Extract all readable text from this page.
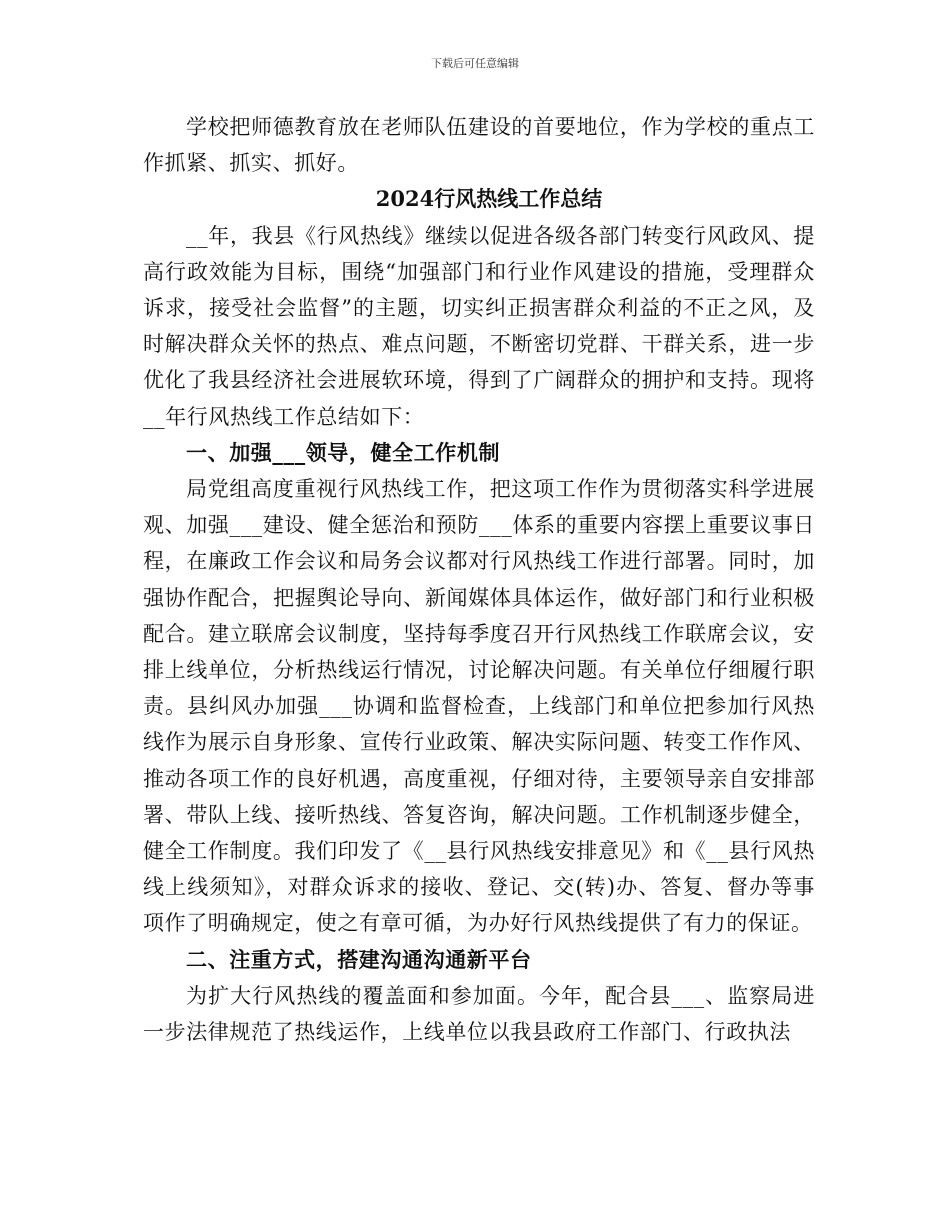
下载后可任意编辑

学校把师德教育放在老师队伍建设的首要地位，作为学校的重点工作抓紧、抓实、抓好。

2024行风热线工作总结

__年，我县《行风热线》继续以促进各级各部门转变行风政风、提高行政效能为目标，围绕“加强部门和行业作风建设的措施，受理群众诉求，接受社会监督”的主题，切实纠正损害群众利益的不正之风，及时解决群众关怀的热点、难点问题，不断密切党群、干群关系，进一步优化了我县经济社会进展软环境，得到了广阔群众的拥护和支持。现将__年行风热线工作总结如下：

一、加强___领导，健全工作机制

局党组高度重视行风热线工作，把这项工作作为贯彻落实科学进展观、加强___建设、健全惩治和预防___体系的重要内容摆上重要议事日程，在廉政工作会议和局务会议都对行风热线工作进行部署。同时，加强协作配合，把握舆论导向、新闻媒体具体运作，做好部门和行业积极配合。建立联席会议制度，坚持每季度召开行风热线工作联席会议，安排上线单位，分析热线运行情况，讨论解决问题。有关单位仔细履行职责。县纠风办加强___协调和监督检查，上线部门和单位把参加行风热线作为展示自身形象、宣传行业政策、解决实际问题、转变工作作风、推动各项工作的良好机遇，高度重视，仔细对待，主要领导亲自安排部署、带队上线、接听热线、答复咨询，解决问题。工作机制逐步健全，健全工作制度。我们印发了《__县行风热线安排意见》和《__县行风热线上线须知》，对群众诉求的接收、登记、交(转)办、答复、督办等事项作了明确规定，使之有章可循，为办好行风热线提供了有力的保证。

二、注重方式，搭建沟通沟通新平台

为扩大行风热线的覆盖面和参加面。今年，配合县___、监察局进一步法律规范了热线运作，上线单位以我县政府工作部门、行政执法
